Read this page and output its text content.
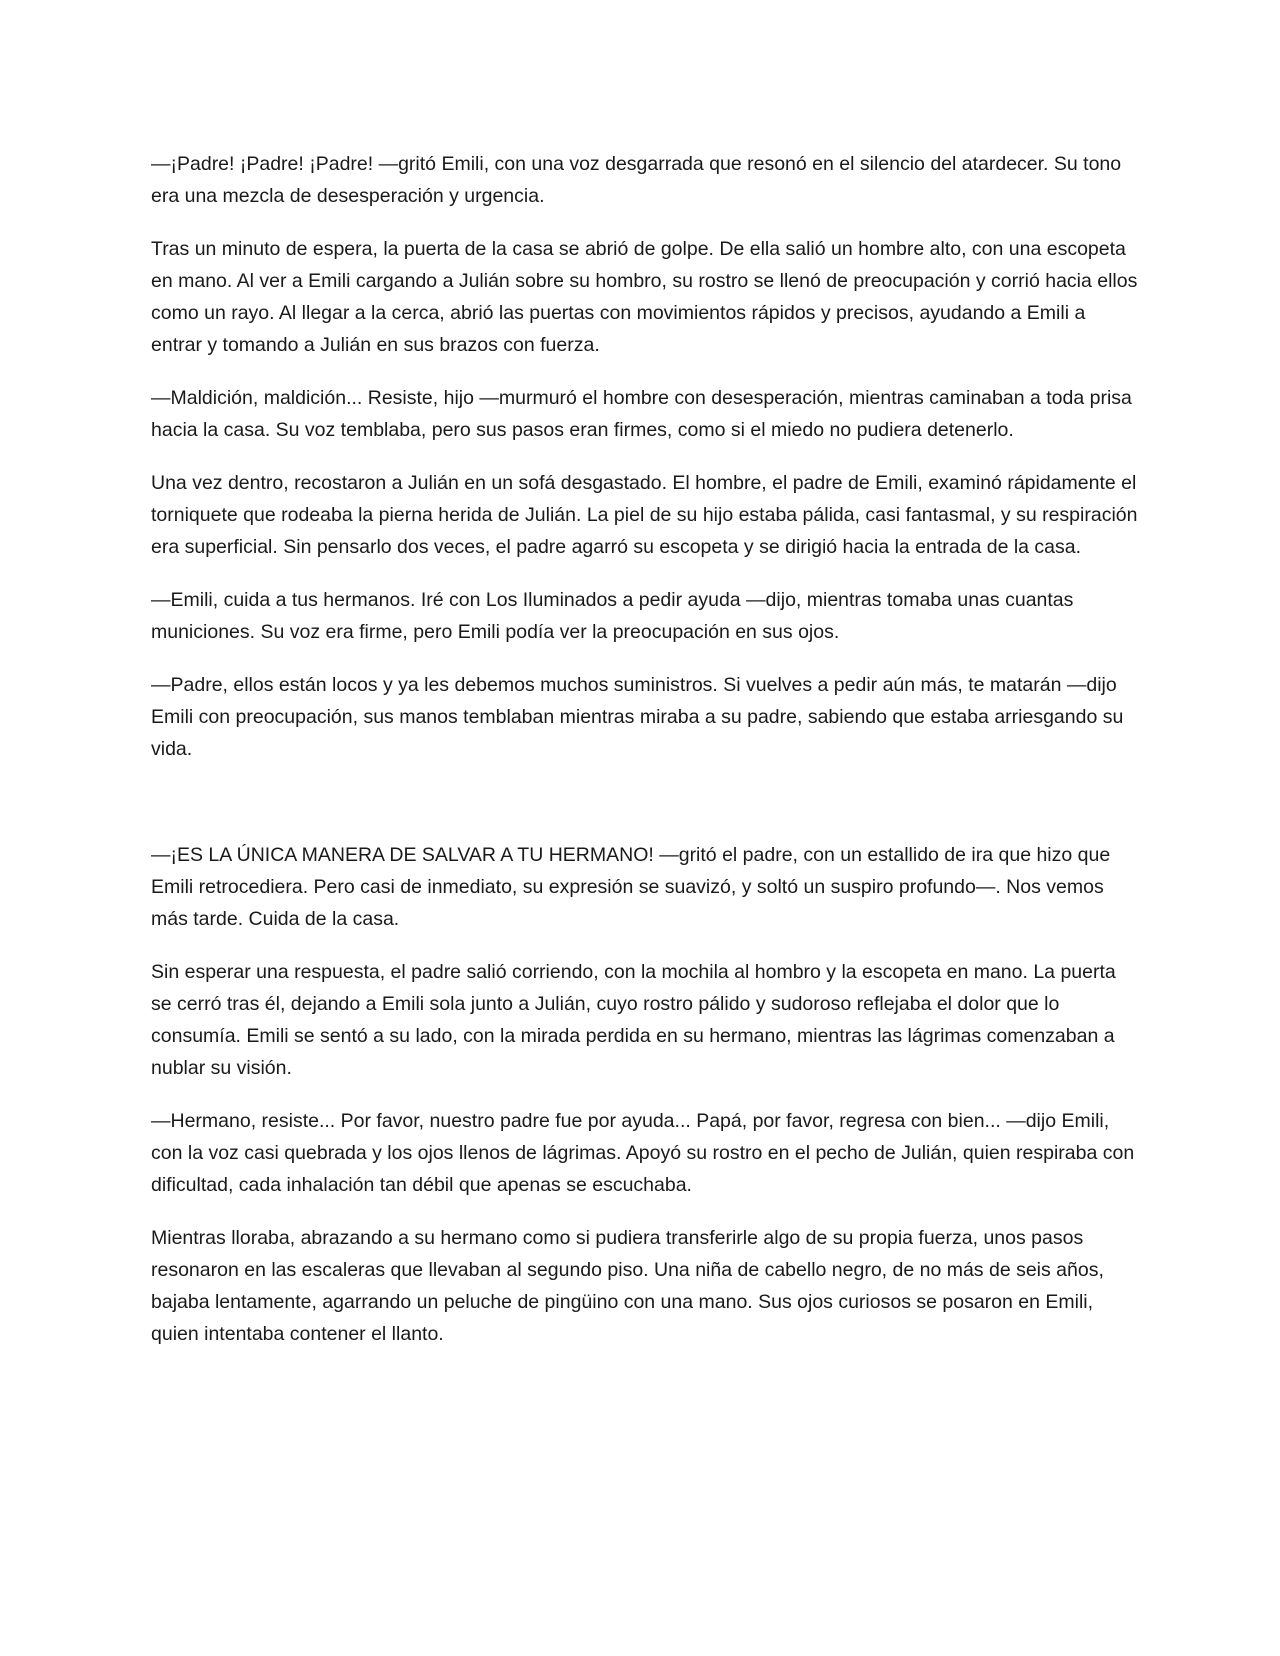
—¡Padre! ¡Padre! ¡Padre! —gritó Emili, con una voz desgarrada que resonó en el silencio del atardecer. Su tono era una mezcla de desesperación y urgencia.

Tras un minuto de espera, la puerta de la casa se abrió de golpe. De ella salió un hombre alto, con una escopeta en mano. Al ver a Emili cargando a Julián sobre su hombro, su rostro se llenó de preocupación y corrió hacia ellos como un rayo. Al llegar a la cerca, abrió las puertas con movimientos rápidos y precisos, ayudando a Emili a entrar y tomando a Julián en sus brazos con fuerza.

—Maldición, maldición... Resiste, hijo —murmuró el hombre con desesperación, mientras caminaban a toda prisa hacia la casa. Su voz temblaba, pero sus pasos eran firmes, como si el miedo no pudiera detenerlo.

Una vez dentro, recostaron a Julián en un sofá desgastado. El hombre, el padre de Emili, examinó rápidamente el torniquete que rodeaba la pierna herida de Julián. La piel de su hijo estaba pálida, casi fantasmal, y su respiración era superficial. Sin pensarlo dos veces, el padre agarró su escopeta y se dirigió hacia la entrada de la casa.

—Emili, cuida a tus hermanos. Iré con Los Iluminados a pedir ayuda —dijo, mientras tomaba unas cuantas municiones. Su voz era firme, pero Emili podía ver la preocupación en sus ojos.

—Padre, ellos están locos y ya les debemos muchos suministros. Si vuelves a pedir aún más, te matarán —dijo Emili con preocupación, sus manos temblaban mientras miraba a su padre, sabiendo que estaba arriesgando su vida.

—¡ES LA ÚNICA MANERA DE SALVAR A TU HERMANO! —gritó el padre, con un estallido de ira que hizo que Emili retrocediera. Pero casi de inmediato, su expresión se suavizó, y soltó un suspiro profundo—. Nos vemos más tarde. Cuida de la casa.

Sin esperar una respuesta, el padre salió corriendo, con la mochila al hombro y la escopeta en mano. La puerta se cerró tras él, dejando a Emili sola junto a Julián, cuyo rostro pálido y sudoroso reflejaba el dolor que lo consumía. Emili se sentó a su lado, con la mirada perdida en su hermano, mientras las lágrimas comenzaban a nublar su visión.

—Hermano, resiste... Por favor, nuestro padre fue por ayuda... Papá, por favor, regresa con bien... —dijo Emili, con la voz casi quebrada y los ojos llenos de lágrimas. Apoyó su rostro en el pecho de Julián, quien respiraba con dificultad, cada inhalación tan débil que apenas se escuchaba.

Mientras lloraba, abrazando a su hermano como si pudiera transferirle algo de su propia fuerza, unos pasos resonaron en las escaleras que llevaban al segundo piso. Una niña de cabello negro, de no más de seis años, bajaba lentamente, agarrando un peluche de pingüino con una mano. Sus ojos curiosos se posaron en Emili, quien intentaba contener el llanto.
